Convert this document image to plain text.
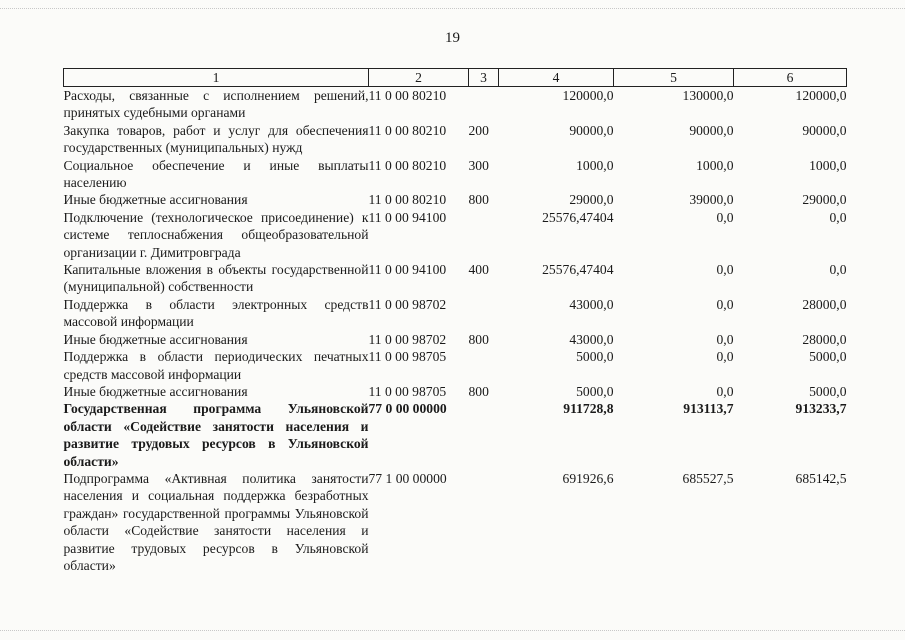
19
1	2	3	4	5	6
Расходы, связанные с исполнением решений, принятых судебными органами	11 0 00 80210		120000,0	130000,0	120000,0
Закупка товаров, работ и услуг для обеспечения государственных (муниципальных) нужд	11 0 00 80210	200	90000,0	90000,0	90000,0
Социальное обеспечение и иные выплаты населению	11 0 00 80210	300	1000,0	1000,0	1000,0
Иные бюджетные ассигнования	11 0 00 80210	800	29000,0	39000,0	29000,0
Подключение (технологическое присоединение) к системе теплоснабжения общеобразовательной организации г. Димитровграда	11 0 00 94100		25576,47404	0,0	0,0
Капитальные вложения в объекты государственной (муниципальной) собственности	11 0 00 94100	400	25576,47404	0,0	0,0
Поддержка в области электронных средств массовой информации	11 0 00 98702		43000,0	0,0	28000,0
Иные бюджетные ассигнования	11 0 00 98702	800	43000,0	0,0	28000,0
Поддержка в области периодических печатных средств массовой информации	11 0 00 98705		5000,0	0,0	5000,0
Иные бюджетные ассигнования	11 0 00 98705	800	5000,0	0,0	5000,0
Государственная программа Ульяновской области «Содействие занятости населения и развитие трудовых ресурсов в Ульяновской области»	77 0 00 00000		911728,8	913113,7	913233,7
Подпрограмма «Активная политика занятости населения и социальная поддержка безработных граждан» государственной программы Ульяновской области «Содействие занятости населения и развитие трудовых ресурсов в Ульяновской области»	77 1 00 00000		691926,6	685527,5	685142,5
